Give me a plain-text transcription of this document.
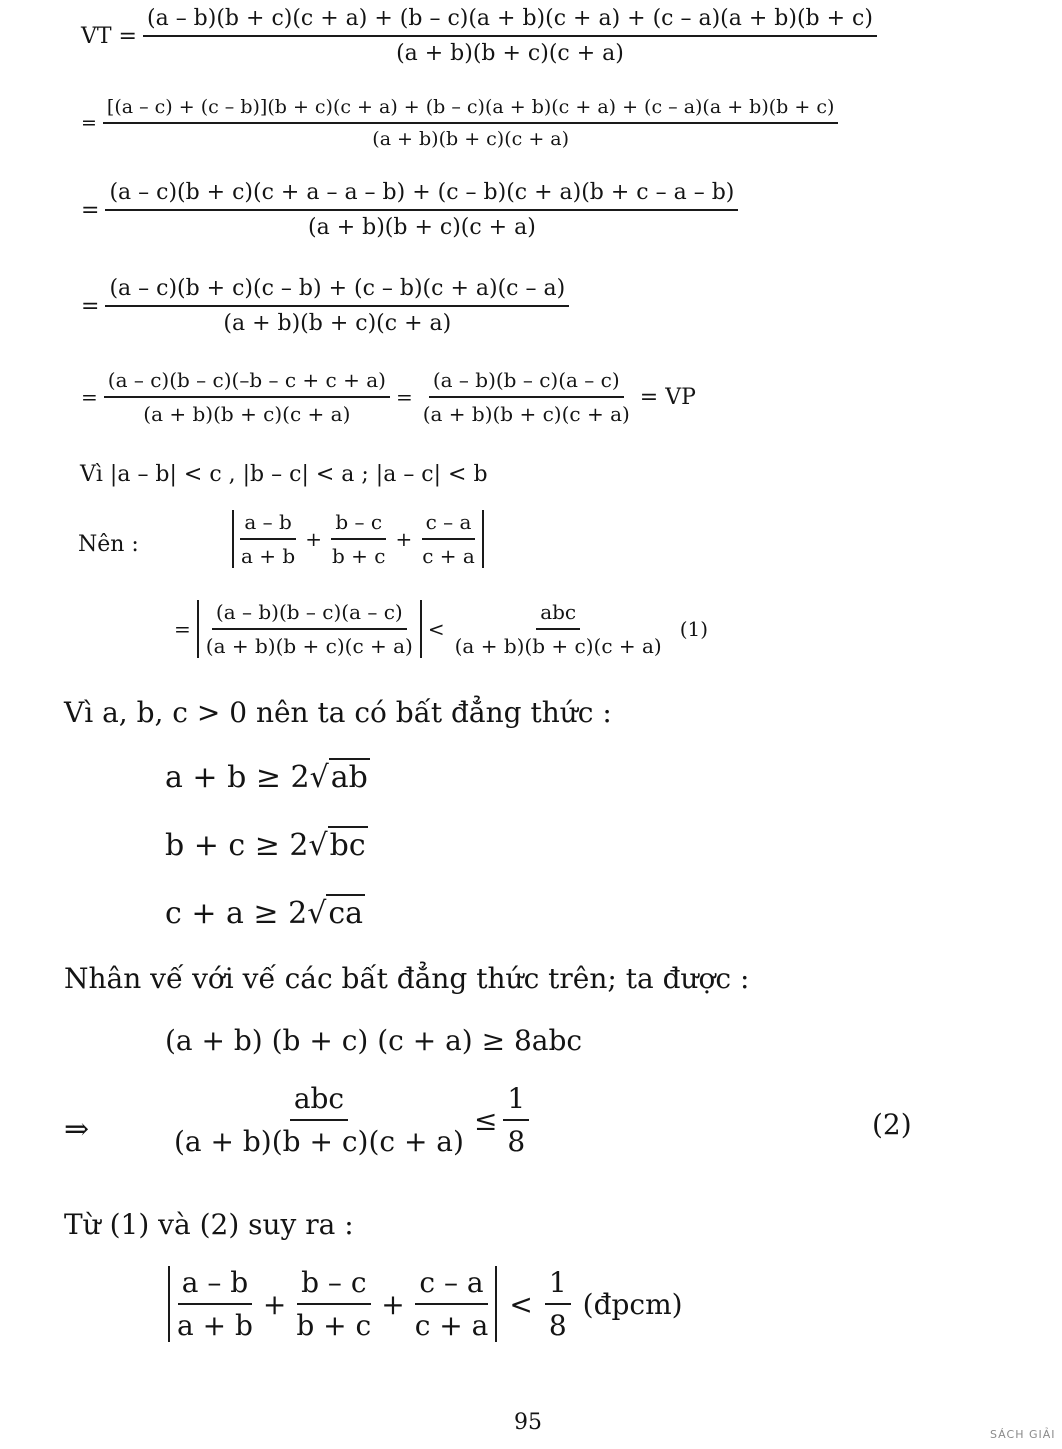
VT =
(a – b)(b + c)(c + a) + (b – c)(a + b)(c + a) + (c – a)(a + b)(b + c)
(a + b)(b + c)(c + a)
=
[(a – c) + (c – b)](b + c)(c + a) + (b – c)(a + b)(c + a) + (c – a)(a + b)(b + c)
(a + b)(b + c)(c + a)
=
(a – c)(b + c)(c + a – a – b) + (c – b)(c + a)(b + c – a – b)
(a + b)(b + c)(c + a)
= $\frac{(a - c)(b + c)(c - b) + (c - b)(c + a)(c - a)}{(a + b)(b + c)(c + a)}$
= $\frac{(a - c)(b - c)(-b - c + c + a)}{(a + b)(b + c)(c + a)} = \frac{(a - b)(b - c)(a - c)}{(a + b)(b + c)(c + a)}$ = VP
Vì |a – b| < c , |b – c| < a ; |a – c| < b
Nên :	$\frac{a - b}{a + b} + \frac{b - c}{b + c} + \frac{c - a}{c + a}$
= $\frac{(a - b)(b - c)(a - c)}{(a + b)(b + c)(c + a)} < \frac{\text{abc}}{(a + b)(b + c)(c + a)} (1)$
Vì a, b, c > 0 nên ta có bất đẳng thức :
a + b ≥ 2√ab
b + c ≥ 2√bc
c + a ≥ 2√ca
Nhân vế với vế các bất đẳng thức trên; ta được :
(a + b) (b + c) (c + a) ≥ 8abc
⇒	$\frac{\text{abc}}{(a + b)(b + c)(c + a)} \le \frac{1}{8}$	(2)
Từ (1) và (2) suy ra :
$\frac{a - b}{a + b} + \frac{b - c}{b + c} + \frac{c - a}{c + a} < \frac{1}{8}$ (đpcm)
95	SÁCH GIẢI
